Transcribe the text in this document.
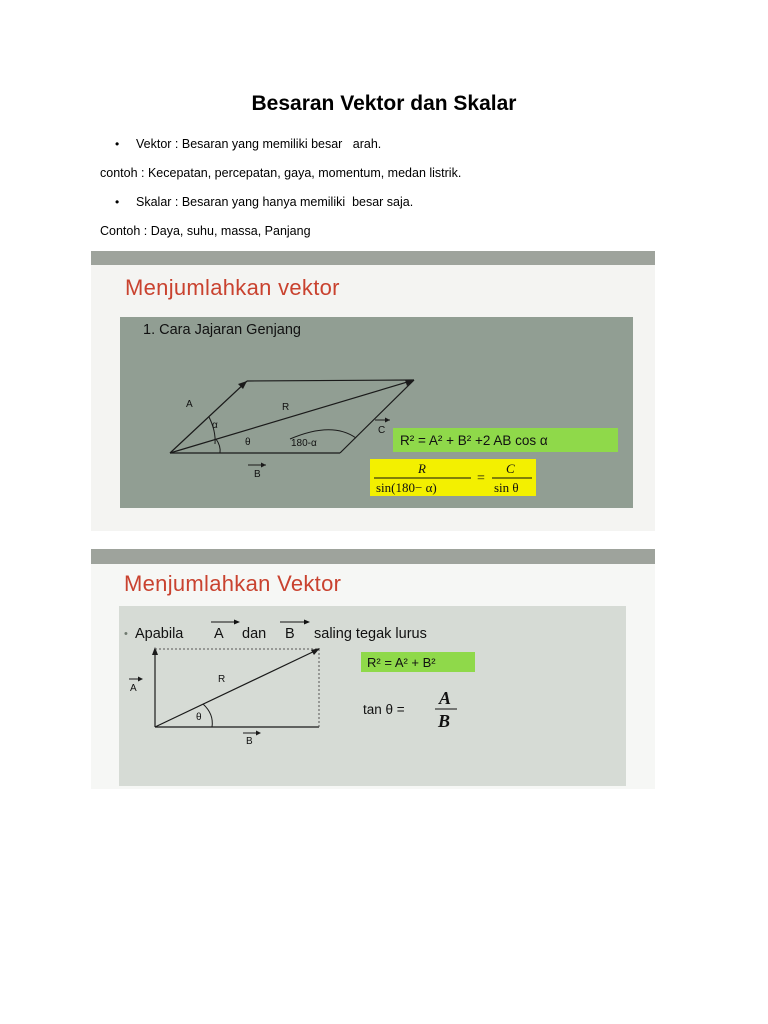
Besaran Vektor dan Skalar
• Vektor : Besaran yang memiliki besar   arah.
contoh : Kecepatan, percepatan, gaya, momentum, medan listrik.
• Skalar : Besaran yang hanya memiliki  besar saja.
Contoh : Daya, suhu, massa, Panjang
Menjumlahkan vektor
1. Cara Jajaran Genjang
A
α
R
θ	180-α
B
C
R² = A² + B² +2 AB cos α
R
sin(180− α)
=
C
sin θ
Menjumlahkan Vektor
• Apabila A dan B saling tegak lurus
A
R
θ
B
R² = A² + B²
tan θ =
A
B
